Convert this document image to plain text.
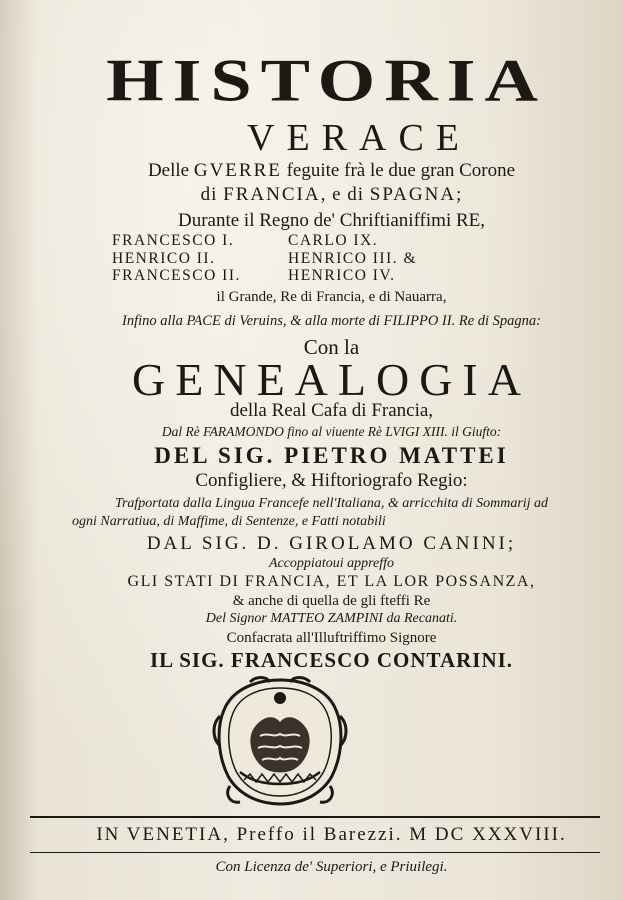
HISTORIA
VERACE
Delle GVERRE feguite frà le due gran Corone
di FRANCIA, e di SPAGNA;
Durante il Regno de' Chriftianiffimi RE,
FRANCESCO I.	CARLO IX.
HENRICO II.	HENRICO III. &
FRANCESCO II.	HENRICO IV.
il Grande, Re di Francia, e di Nauarra,
Infino alla PACE di Veruins, & alla morte di FILIPPO II. Re di Spagna:
Con la
GENEALOGIA
della Real Cafa di Francia,
Dal Rè FARAMONDO fino al viuente Rè LVIGI XIII. il Giufto:
DEL SIG. PIETRO MATTEI
Configliere, & Hiftoriografo Regio:
Trafportata dalla Lingua Francefe nell'Italiana, & arricchita di Sommarij ad
ogni Narratiua, di Maffime, di Sentenze, e Fatti notabili
DAL SIG. D. GIROLAMO CANINI;
Accoppiatoui appreffo
GLI STATI DI FRANCIA, ET LA LOR POSSANZA,
& anche di quella de gli fteffi Re
Del Signor MATTEO ZAMPINI da Recanati.
Confacrata all'Illuftriffimo Signore
IL SIG. FRANCESCO CONTARINI.
IN VENETIA, Preffo il Barezzi. M DC XXXVIII.
Con Licenza de' Superiori, e Priuilegi.
